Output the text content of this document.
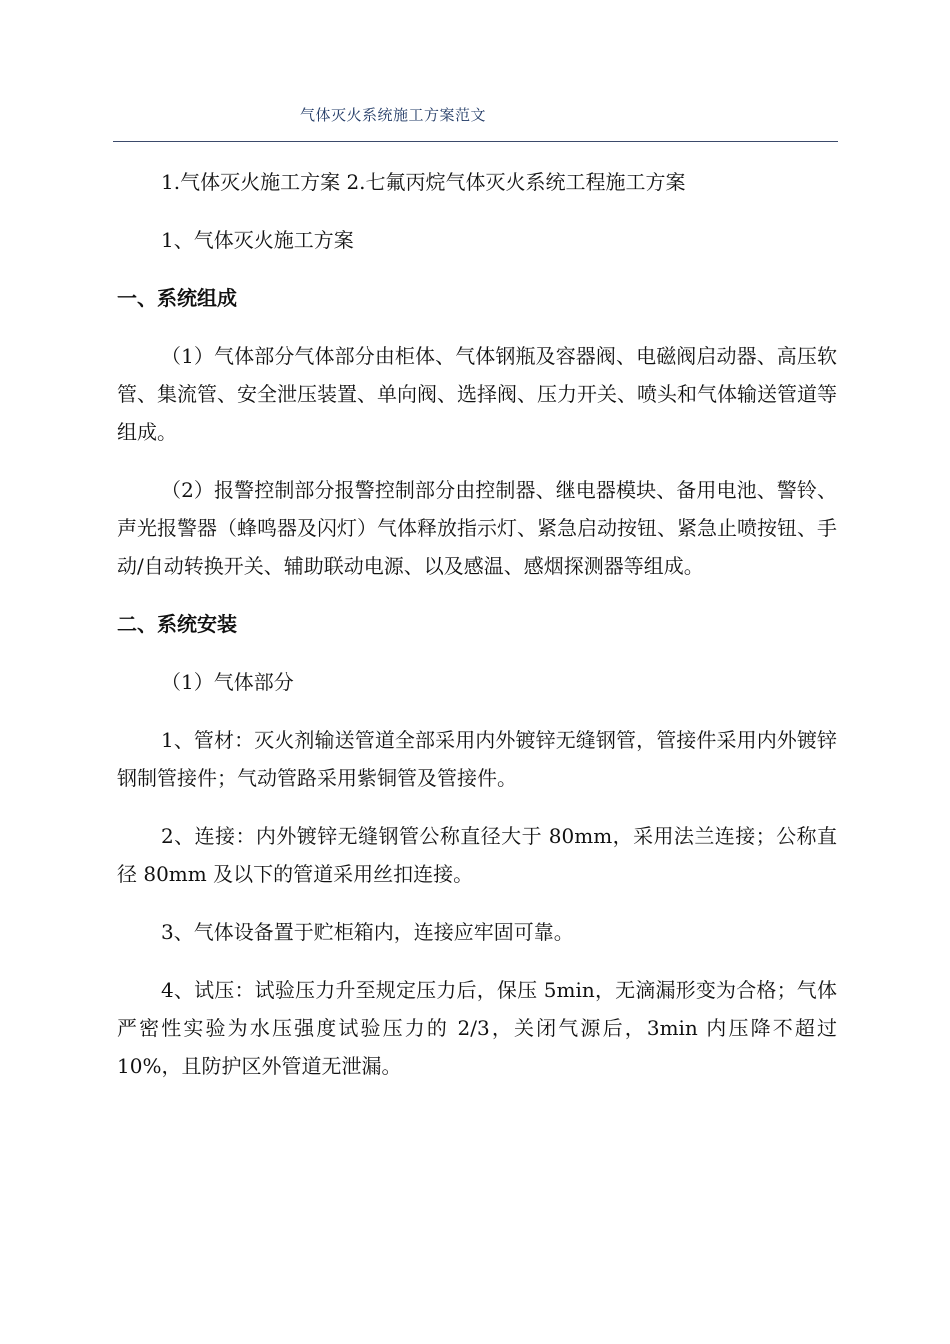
气体灭火系统施工方案范文

1.气体灭火施工方案 2.七氟丙烷气体灭火系统工程施工方案

1、气体灭火施工方案

一、系统组成

（1）气体部分气体部分由柜体、气体钢瓶及容器阀、电磁阀启动器、高压软管、集流管、安全泄压装置、单向阀、选择阀、压力开关、喷头和气体输送管道等组成。

（2）报警控制部分报警控制部分由控制器、继电器模块、备用电池、警铃、声光报警器（蜂鸣器及闪灯）气体释放指示灯、紧急启动按钮、紧急止喷按钮、手动/自动转换开关、辅助联动电源、以及感温、感烟探测器等组成。

二、系统安装

（1）气体部分

1、管材：灭火剂输送管道全部采用内外镀锌无缝钢管，管接件采用内外镀锌钢制管接件；气动管路采用紫铜管及管接件。

2、连接：内外镀锌无缝钢管公称直径大于 80mm，采用法兰连接；公称直径 80mm 及以下的管道采用丝扣连接。

3、气体设备置于贮柜箱内，连接应牢固可靠。

4、试压：试验压力升至规定压力后，保压 5min，无滴漏形变为合格；气体严密性实验为水压强度试验压力的 2/3，关闭气源后，3min 内压降不超过 10%，且防护区外管道无泄漏。
